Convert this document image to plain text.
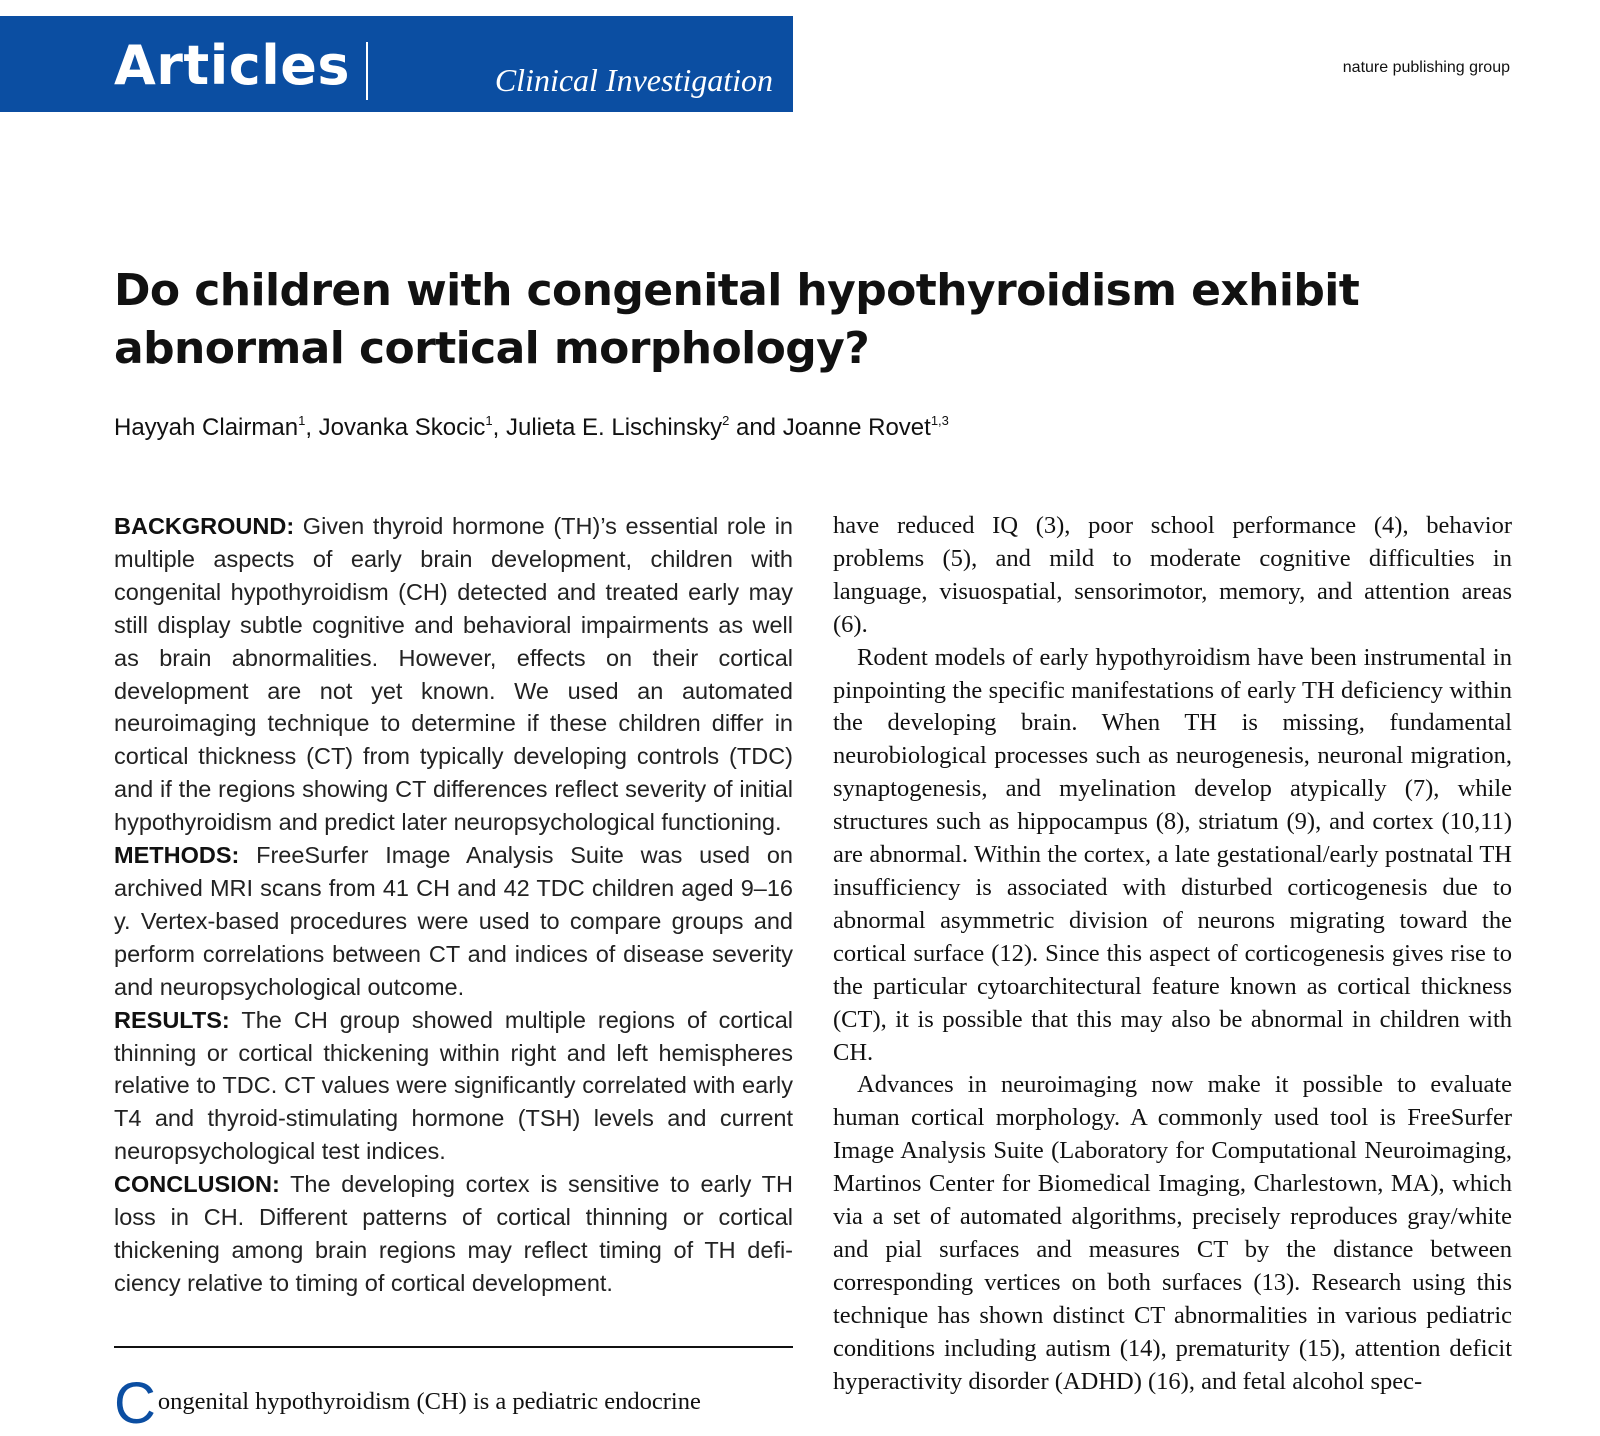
Articles	Clinical Investigation	nature publishing group
Do children with congenital hypothyroidism exhibit abnormal cortical morphology?
Hayyah Clairman$^1$, Jovanka Skocic$^1$, Julieta E. Lischinsky$^2$ and Joanne Rovet$^{1,3}$

BACKGROUND: Given thyroid hormone (TH)’s essential role in multiple aspects of early brain development, children with congenital hypothyroidism (CH) detected and treated early may still display subtle cognitive and behavioral impairments as well as brain abnormalities. However, effects on their cortical development are not yet known. We used an automated neuroimaging technique to determine if these children differ in cortical thickness (CT) from typically developing controls (TDC) and if the regions showing CT differences reflect severity of initial hypothyroidism and predict later neuropsychological functioning.

METHODS: FreeSurfer Image Analysis Suite was used on archived MRI scans from 41 CH and 42 TDC children aged 9–16 y. Vertex-based procedures were used to compare groups and perform correlations between CT and indices of disease severity and neuropsychological outcome.

RESULTS: The CH group showed multiple regions of cortical thinning or cortical thickening within right and left hemispheres relative to TDC. CT values were significantly correlated with early T4 and thyroid-stimulating hormone (TSH) levels and current neuropsychological test indices.

CONCLUSION: The developing cortex is sensitive to early TH loss in CH. Different patterns of cortical thinning or cortical thickening among brain regions may reflect timing of TH deficiency relative to timing of cortical development.

Congenital hypothyroidism (CH) is a pediatric endocrine

have reduced IQ (3), poor school performance (4), behavior problems (5), and mild to moderate cognitive difficulties in language, visuospatial, sensorimotor, memory, and attention areas (6).

Rodent models of early hypothyroidism have been instrumental in pinpointing the specific manifestations of early TH deficiency within the developing brain. When TH is missing, fundamental neurobiological processes such as neurogenesis, neuronal migration, synaptogenesis, and myelination develop atypically (7), while structures such as hippocampus (8), striatum (9), and cortex (10,11) are abnormal. Within the cortex, a late gestational/early postnatal TH insufficiency is associated with disturbed corticogenesis due to abnormal asymmetric division of neurons migrating toward the cortical surface (12). Since this aspect of corticogenesis gives rise to the particular cytoarchitectural feature known as cortical thickness (CT), it is possible that this may also be abnormal in children with CH.

Advances in neuroimaging now make it possible to evaluate human cortical morphology. A commonly used tool is FreeSurfer Image Analysis Suite (Laboratory for Computational Neuroimaging, Martinos Center for Biomedical Imaging, Charlestown, MA), which via a set of automated algorithms, precisely reproduces gray/white and pial surfaces and measures CT by the distance between corresponding vertices on both surfaces (13). Research using this technique has shown distinct CT abnormalities in various pediatric conditions including autism (14), prematurity (15), attention deficit hyperactivity disorder (ADHD) (16), and fetal alcohol spec-
